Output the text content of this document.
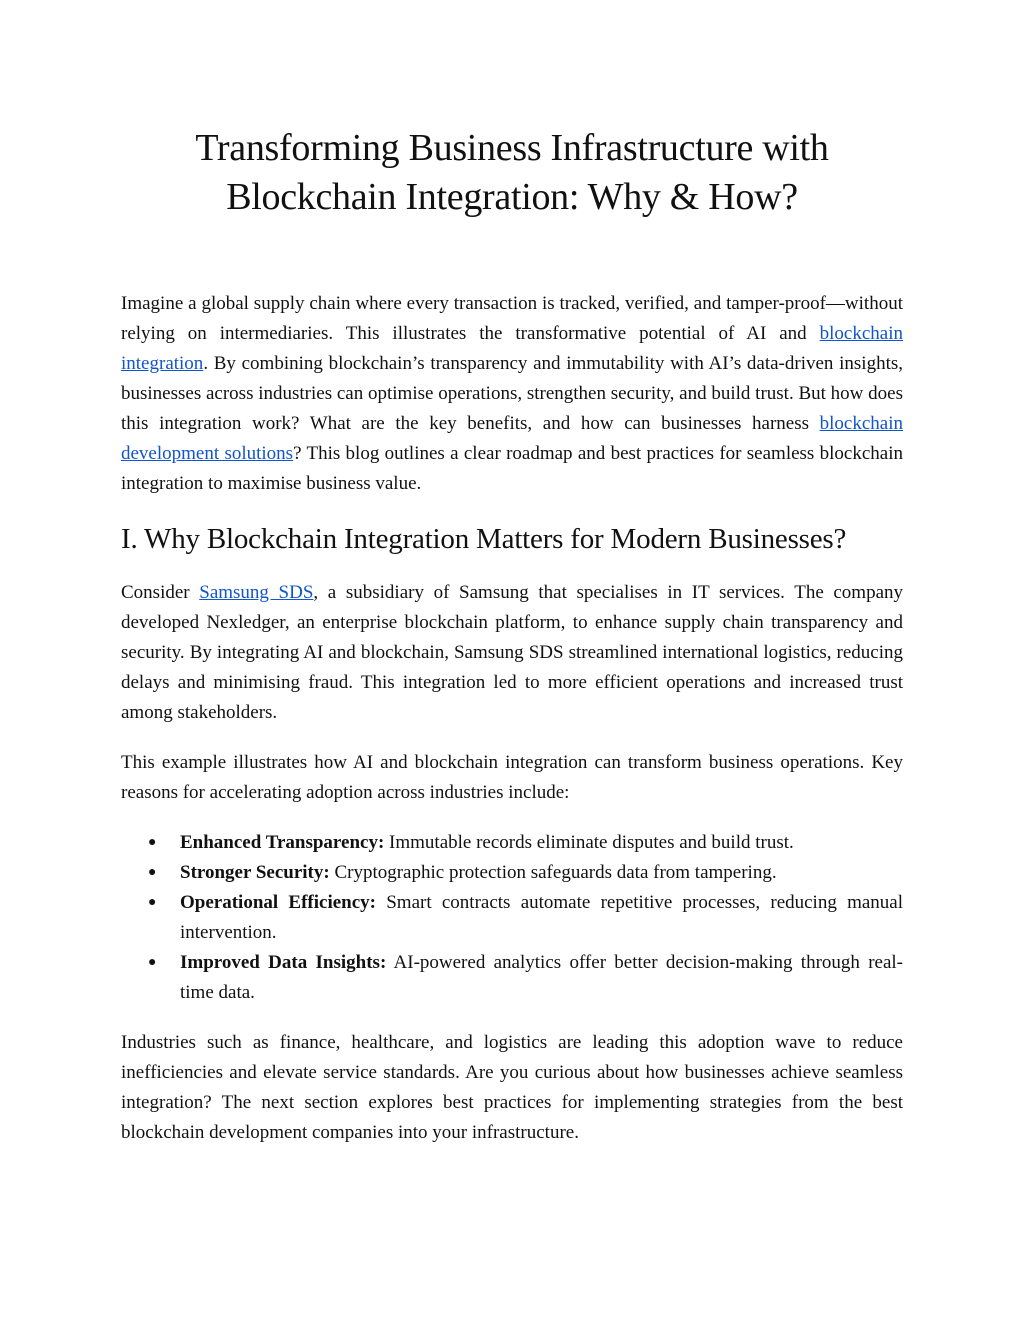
Transforming Business Infrastructure with Blockchain Integration: Why & How?

Imagine a global supply chain where every transaction is tracked, verified, and tamper-proof—without relying on intermediaries. This illustrates the transformative potential of AI and blockchain integration. By combining blockchain’s transparency and immutability with AI’s data-driven insights, businesses across industries can optimise operations, strengthen security, and build trust. But how does this integration work? What are the key benefits, and how can businesses harness blockchain development solutions? This blog outlines a clear roadmap and best practices for seamless blockchain integration to maximise business value.

I. Why Blockchain Integration Matters for Modern Businesses?

Consider Samsung SDS, a subsidiary of Samsung that specialises in IT services. The company developed Nexledger, an enterprise blockchain platform, to enhance supply chain transparency and security. By integrating AI and blockchain, Samsung SDS streamlined international logistics, reducing delays and minimising fraud. This integration led to more efficient operations and increased trust among stakeholders.

This example illustrates how AI and blockchain integration can transform business operations. Key reasons for accelerating adoption across industries include:

● Enhanced Transparency: Immutable records eliminate disputes and build trust.
● Stronger Security: Cryptographic protection safeguards data from tampering.
● Operational Efficiency: Smart contracts automate repetitive processes, reducing manual intervention.
● Improved Data Insights: AI-powered analytics offer better decision-making through real-time data.

Industries such as finance, healthcare, and logistics are leading this adoption wave to reduce inefficiencies and elevate service standards. Are you curious about how businesses achieve seamless integration? The next section explores best practices for implementing strategies from the best blockchain development companies into your infrastructure.
